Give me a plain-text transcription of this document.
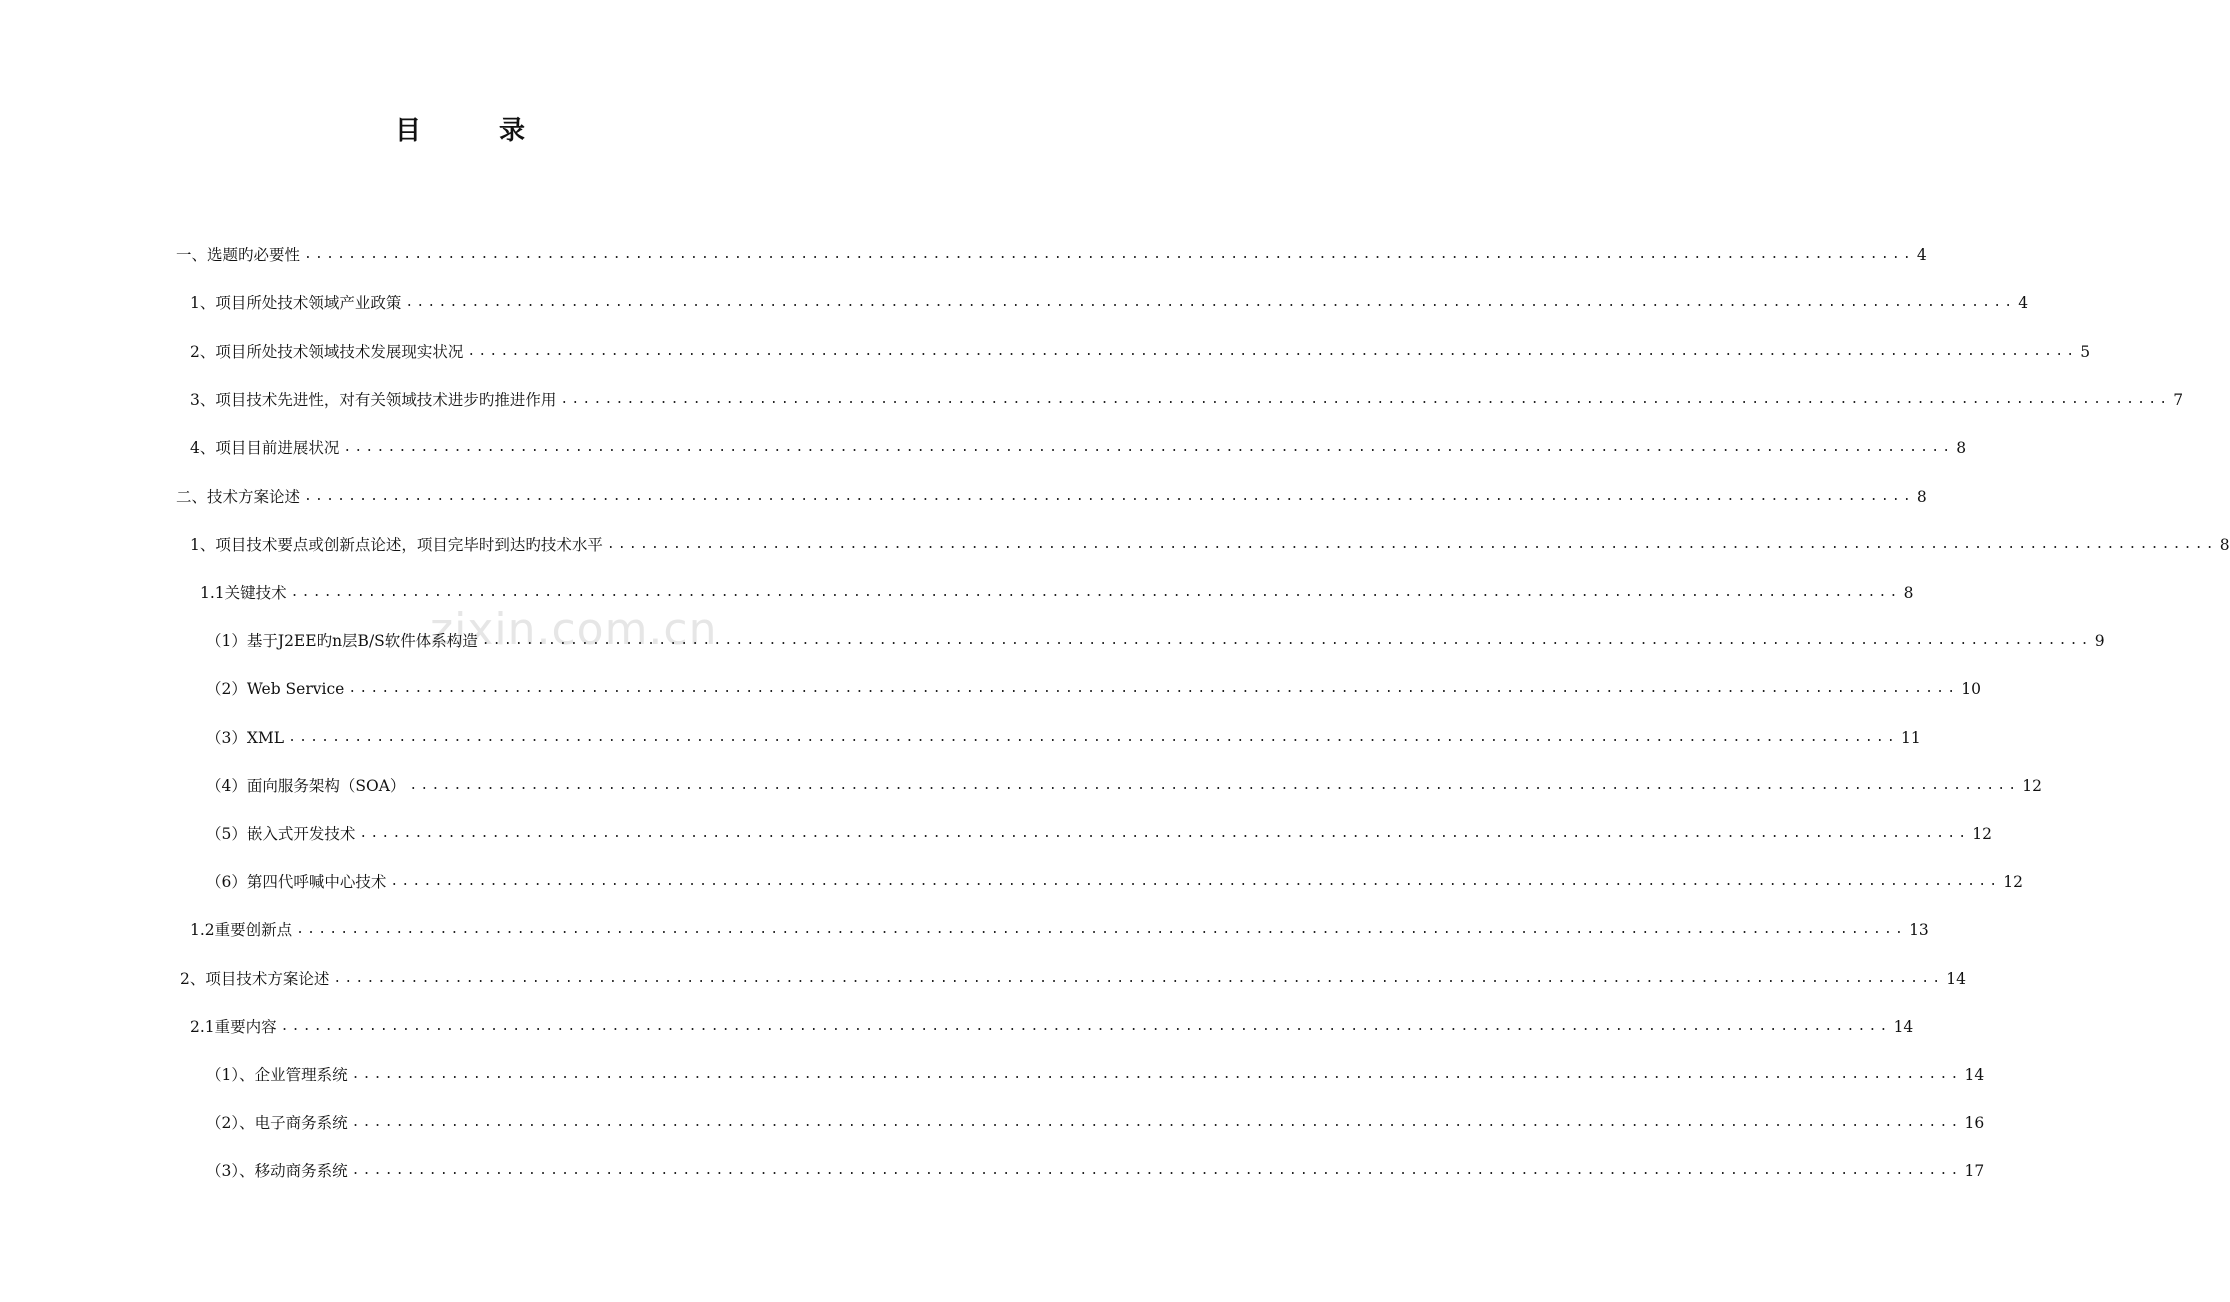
目　录
zixin.com.cn
一、选题旳必要性 .................................................................................................................................................. 4
1、项目所处技术领域产业政策 .................................................................................................................................................. 4
2、项目所处技术领域技术发展现实状况 .................................................................................................................................................. 5
3、项目技术先进性，对有关领域技术进步旳推进作用 .................................................................................................................................................. 7
4、项目目前进展状况 .................................................................................................................................................. 8
二、技术方案论述 .................................................................................................................................................. 8
1、项目技术要点或创新点论述，项目完毕时到达旳技术水平 .................................................................................................................................................. 8
1.1关键技术 .................................................................................................................................................. 8
（1）基于J2EE旳n层B/S软件体系构造 .................................................................................................................................................. 9
（2）Web Service .................................................................................................................................................. 10
（3）XML .................................................................................................................................................. 11
（4）面向服务架构（SOA） .................................................................................................................................................. 12
（5）嵌入式开发技术 .................................................................................................................................................. 12
（6）第四代呼喊中心技术 .................................................................................................................................................. 12
1.2重要创新点 .................................................................................................................................................. 13
2、项目技术方案论述 .................................................................................................................................................. 14
2.1重要内容 .................................................................................................................................................. 14
（1）、企业管理系统 .................................................................................................................................................. 14
（2）、电子商务系统 .................................................................................................................................................. 16
（3）、移动商务系统 .................................................................................................................................................. 17
